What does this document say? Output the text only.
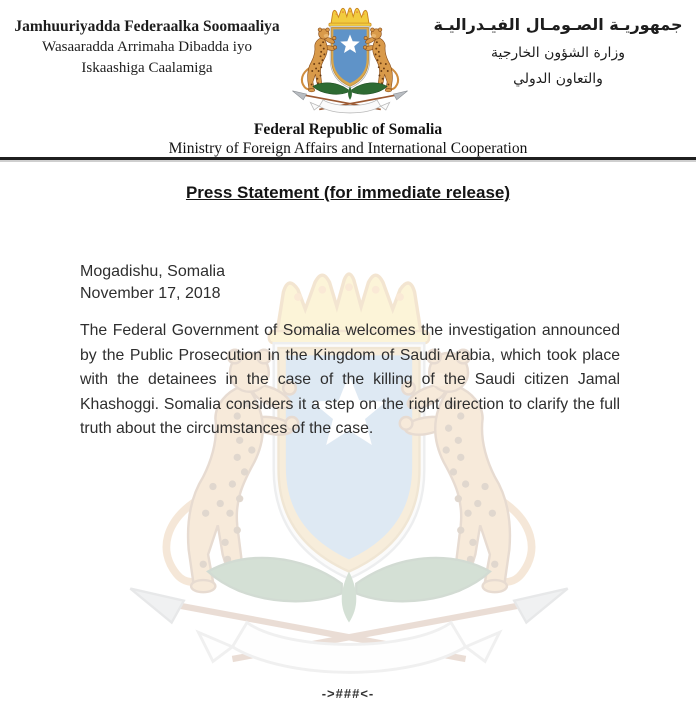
Jamhuuriyadda Federaalka Soomaaliya
Wasaaradda Arrimaha Dibadda iyo
Iskaashiga Caalamiga
جمهوريـة الصـومـال الفيـدراليـة
وزارة الشؤون الخارجية
والتعاون الدولي
Federal Republic of Somalia
Ministry of Foreign Affairs and International Cooperation
Press Statement (for immediate release)
Mogadishu, Somalia
November 17, 2018
The Federal Government of Somalia welcomes the investigation announced by the Public Prosecution in the Kingdom of Saudi Arabia, which took place with the detainees in the case of the killing of the Saudi citizen Jamal Khashoggi. Somalia considers it a step on the right direction to clarify the full truth about the circumstances of the case.
->###<-
